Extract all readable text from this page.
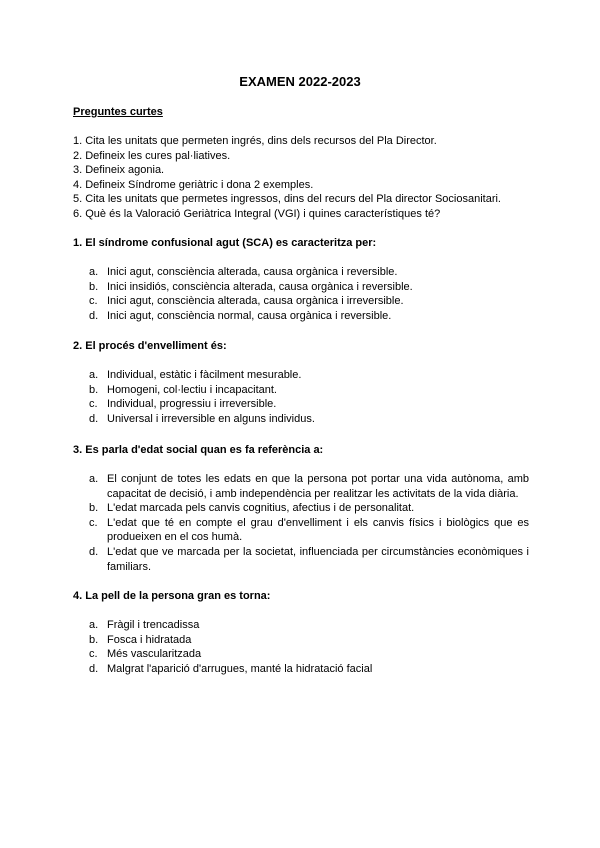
EXAMEN 2022-2023
Preguntes curtes
1. Cita les unitats que permeten ingrés, dins dels recursos del Pla Director.
2. Defineix les cures pal·liatives.
3. Defineix agonia.
4. Defineix Síndrome geriàtric i dona 2 exemples.
5. Cita les unitats que permetes ingressos, dins del recurs del Pla director Sociosanitari.
6. Què és la Valoració Geriàtrica Integral (VGI) i quines característiques té?
1. El síndrome confusional agut (SCA) es caracteritza per:
a. Inici agut, consciència alterada, causa orgànica i reversible.
b. Inici insidiós, consciència alterada, causa orgànica i reversible.
c. Inici agut, consciència alterada, causa orgànica i irreversible.
d. Inici agut, consciència normal, causa orgànica i reversible.
2. El procés d'envelliment és:
a. Individual, estàtic i fàcilment mesurable.
b. Homogeni, col·lectiu i incapacitant.
c. Individual, progressiu i irreversible.
d. Universal i irreversible en alguns individus.
3. Es parla d'edat social quan es fa referència a:
a. El conjunt de totes les edats en que la persona pot portar una vida autònoma, amb capacitat de decisió, i amb independència per realitzar les activitats de la vida diària.
b. L'edat marcada pels canvis cognitius, afectius i de personalitat.
c. L'edat que té en compte el grau d'envelliment i els canvis físics i biològics que es produeixen en el cos humà.
d. L'edat que ve marcada per la societat, influenciada per circumstàncies econòmiques i familiars.
4. La pell de la persona gran es torna:
a. Fràgil i trencadissa
b. Fosca i hidratada
c. Més vascularitzada
d. Malgrat l'aparició d'arrugues, manté la hidratació facial
